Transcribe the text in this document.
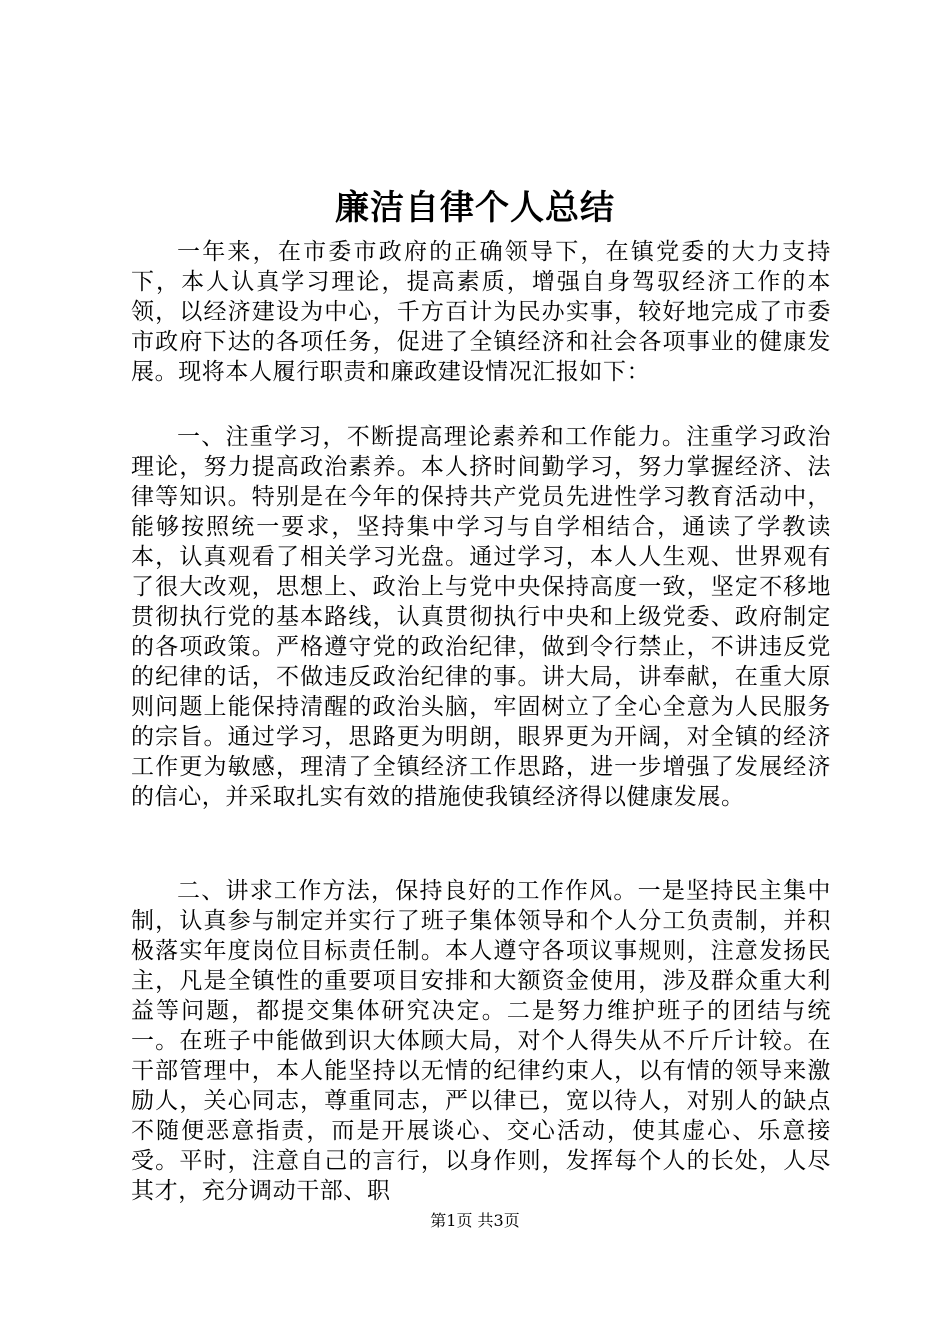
廉洁自律个人总结

一年来，在市委市政府的正确领导下，在镇党委的大力支持下，本人认真学习理论，提高素质，增强自身驾驭经济工作的本领，以经济建设为中心，千方百计为民办实事，较好地完成了市委市政府下达的各项任务，促进了全镇经济和社会各项事业的健康发展。现将本人履行职责和廉政建设情况汇报如下：

一、注重学习，不断提高理论素养和工作能力。注重学习政治理论，努力提高政治素养。本人挤时间勤学习，努力掌握经济、法律等知识。特别是在今年的保持共产党员先进性学习教育活动中，能够按照统一要求，坚持集中学习与自学相结合，通读了学教读本，认真观看了相关学习光盘。通过学习，本人人生观、世界观有了很大改观，思想上、政治上与党中央保持高度一致，坚定不移地贯彻执行党的基本路线，认真贯彻执行中央和上级党委、政府制定的各项政策。严格遵守党的政治纪律，做到令行禁止，不讲违反党的纪律的话，不做违反政治纪律的事。讲大局，讲奉献，在重大原则问题上能保持清醒的政治头脑，牢固树立了全心全意为人民服务的宗旨。通过学习，思路更为明朗，眼界更为开阔，对全镇的经济工作更为敏感，理清了全镇经济工作思路，进一步增强了发展经济的信心，并采取扎实有效的措施使我镇经济得以健康发展。

二、讲求工作方法，保持良好的工作作风。一是坚持民主集中制，认真参与制定并实行了班子集体领导和个人分工负责制，并积极落实年度岗位目标责任制。本人遵守各项议事规则，注意发扬民主，凡是全镇性的重要项目安排和大额资金使用，涉及群众重大利益等问题，都提交集体研究决定。二是努力维护班子的团结与统一。在班子中能做到识大体顾大局，对个人得失从不斤斤计较。在干部管理中，本人能坚持以无情的纪律约束人，以有情的领导来激励人，关心同志，尊重同志，严以律已，宽以待人，对别人的缺点不随便恶意指责，而是开展谈心、交心活动，使其虚心、乐意接受。平时，注意自己的言行，以身作则，发挥每个人的长处，人尽其才，充分调动干部、职

第1页 共3页
